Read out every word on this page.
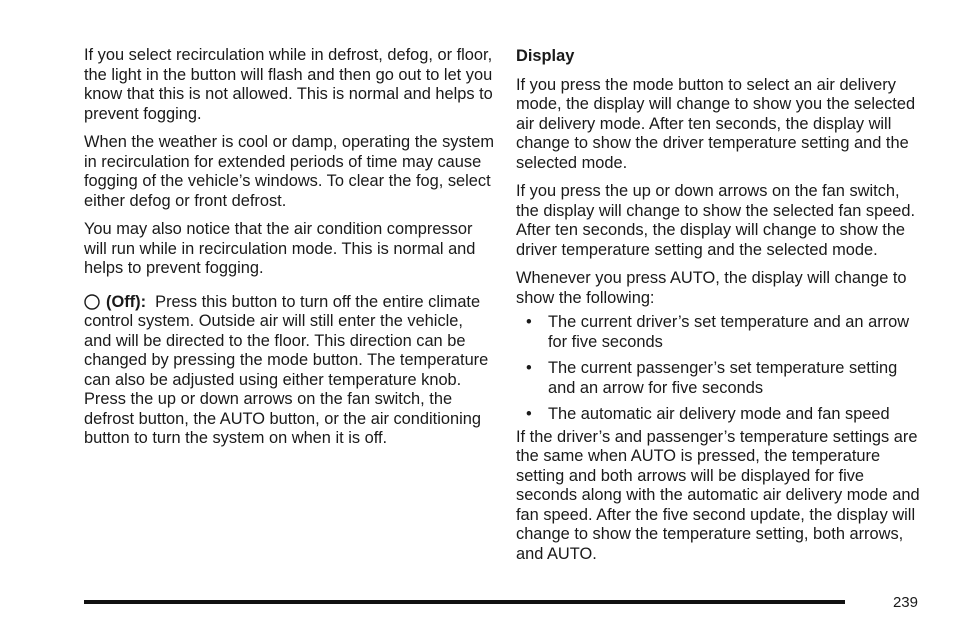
If you select recirculation while in defrost, defog, or floor, the light in the button will flash and then go out to let you know that this is not allowed. This is normal and helps to prevent fogging.

When the weather is cool or damp, operating the system in recirculation for extended periods of time may cause fogging of the vehicle’s windows. To clear the fog, select either defog or front defrost.

You may also notice that the air condition compressor will run while in recirculation mode. This is normal and helps to prevent fogging.

(Off): Press this button to turn off the entire climate control system. Outside air will still enter the vehicle, and will be directed to the floor. This direction can be changed by pressing the mode button. The temperature can also be adjusted using either temperature knob. Press the up or down arrows on the fan switch, the defrost button, the AUTO button, or the air conditioning button to turn the system on when it is off.

Display

If you press the mode button to select an air delivery mode, the display will change to show you the selected air delivery mode. After ten seconds, the display will change to show the driver temperature setting and the selected mode.

If you press the up or down arrows on the fan switch, the display will change to show the selected fan speed. After ten seconds, the display will change to show the driver temperature setting and the selected mode.

Whenever you press AUTO, the display will change to show the following:

• The current driver’s set temperature and an arrow for five seconds
• The current passenger’s set temperature setting and an arrow for five seconds
• The automatic air delivery mode and fan speed

If the driver’s and passenger’s temperature settings are the same when AUTO is pressed, the temperature setting and both arrows will be displayed for five seconds along with the automatic air delivery mode and fan speed. After the five second update, the display will change to show the temperature setting, both arrows, and AUTO.

239
